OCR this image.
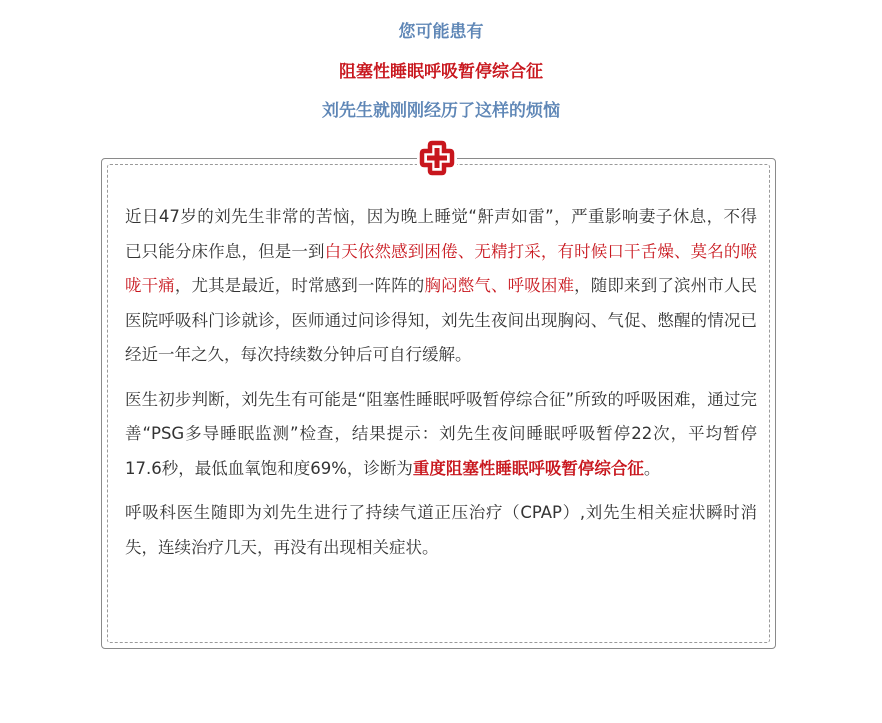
您可能患有
阻塞性睡眠呼吸暂停综合征
刘先生就刚刚经历了这样的烦恼

近日47岁的刘先生非常的苦恼，因为晚上睡觉“鼾声如雷”，严重影响妻子休息，不得已只能分床作息，但是一到白天依然感到困倦、无精打采，有时候口干舌燥、莫名的喉咙干痛，尤其是最近，时常感到一阵阵的胸闷憋气、呼吸困难，随即来到了滨州市人民医院呼吸科门诊就诊，医师通过问诊得知，刘先生夜间出现胸闷、气促、憋醒的情况已经近一年之久，每次持续数分钟后可自行缓解。

医生初步判断，刘先生有可能是“阻塞性睡眠呼吸暂停综合征”所致的呼吸困难，通过完善“PSG多导睡眠监测”检查，结果提示：刘先生夜间睡眠呼吸暂停22次，平均暂停17.6秒，最低血氧饱和度69%，诊断为重度阻塞性睡眠呼吸暂停综合征。

呼吸科医生随即为刘先生进行了持续气道正压治疗（CPAP）,刘先生相关症状瞬时消失，连续治疗几天，再没有出现相关症状。
